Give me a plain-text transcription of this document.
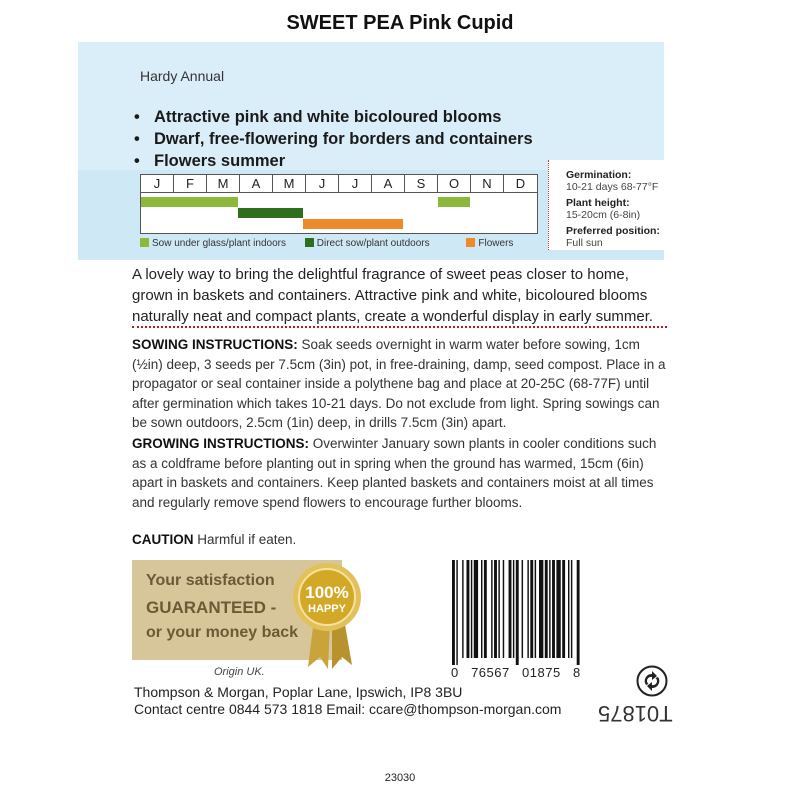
SWEET PEA Pink Cupid
Hardy Annual
• Attractive pink and white bicoloured blooms
• Dwarf, free-flowering for borders and containers
• Flowers summer
J	F	M	A	M	J	J	A	S	O	N	D
Sow under glass/plant indoors	Direct sow/plant outdoors	Flowers
Germination:
10-21 days 68-77°F
Plant height:
15-20cm (6-8in)
Preferred position:
Full sun

A lovely way to bring the delightful fragrance of sweet peas closer to home, grown in baskets and containers. Attractive pink and white, bicoloured blooms naturally neat and compact plants, create a wonderful display in early summer.

SOWING INSTRUCTIONS: Soak seeds overnight in warm water before sowing, 1cm (½in) deep, 3 seeds per 7.5cm (3in) pot, in free-draining, damp, seed compost. Place in a propagator or seal container inside a polythene bag and place at 20-25C (68-77F) until after germination which takes 10-21 days. Do not exclude from light. Spring sowings can be sown outdoors, 2.5cm (1in) deep, in drills 7.5cm (3in) apart.

GROWING INSTRUCTIONS: Overwinter January sown plants in cooler conditions such as a coldframe before planting out in spring when the ground has warmed, 15cm (6in) apart in baskets and containers. Keep planted baskets and containers moist at all times and regularly remove spend flowers to encourage further blooms.

CAUTION Harmful if eaten.

Your satisfaction
GUARANTEED -
or your money back
100%
HAPPY
Origin UK.
Thompson & Morgan, Poplar Lane, Ipswich, IP8 3BU
Contact centre 0844 573 1818 Email: ccare@thompson-morgan.com
0   76567   01875   8
T01875
23030
